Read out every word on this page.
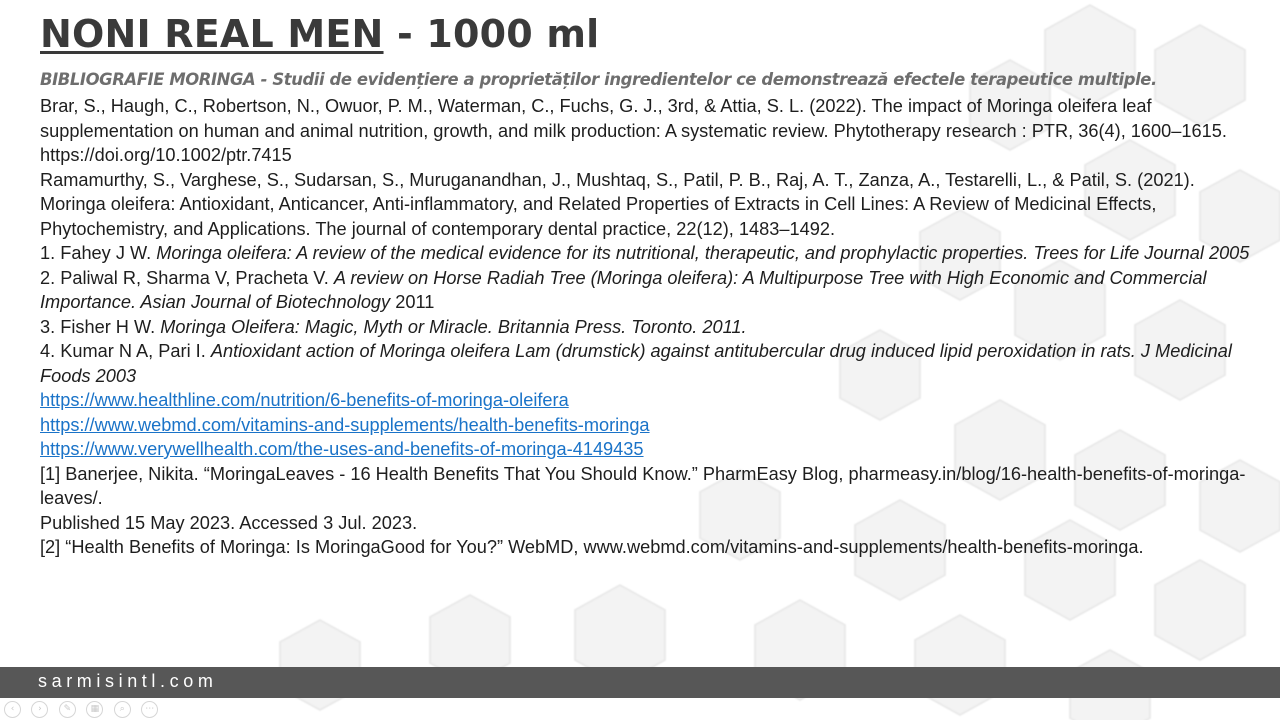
NONI REAL MEN - 1000 ml
BIBLIOGRAFIE MORINGA - Studii de evidențiere a proprietăților ingredientelor ce demonstrează efectele terapeutice multiple.

Brar, S., Haugh, C., Robertson, N., Owuor, P. M., Waterman, C., Fuchs, G. J., 3rd, & Attia, S. L. (2022). The impact of Moringa oleifera leaf supplementation on human and animal nutrition, growth, and milk production: A systematic review. Phytotherapy research : PTR, 36(4), 1600–1615. https://doi.org/10.1002/ptr.7415

Ramamurthy, S., Varghese, S., Sudarsan, S., Muruganandhan, J., Mushtaq, S., Patil, P. B., Raj, A. T., Zanza, A., Testarelli, L., & Patil, S. (2021). Moringa oleifera: Antioxidant, Anticancer, Anti-inflammatory, and Related Properties of Extracts in Cell Lines: A Review of Medicinal Effects, Phytochemistry, and Applications. The journal of contemporary dental practice, 22(12), 1483–1492.

1. Fahey J W. Moringa oleifera: A review of the medical evidence for its nutritional, therapeutic, and prophylactic properties. Trees for Life Journal 2005

2. Paliwal R, Sharma V, Pracheta V. A review on Horse Radiah Tree (Moringa oleifera): A Multipurpose Tree with High Economic and Commercial Importance. Asian Journal of Biotechnology 2011

3. Fisher H W. Moringa Oleifera: Magic, Myth or Miracle. Britannia Press. Toronto. 2011.

4. Kumar N A, Pari I. Antioxidant action of Moringa oleifera Lam (drumstick) against antitubercular drug induced lipid peroxidation in rats. J Medicinal Foods 2003

https://www.healthline.com/nutrition/6-benefits-of-moringa-oleifera

https://www.webmd.com/vitamins-and-supplements/health-benefits-moringa

https://www.verywellhealth.com/the-uses-and-benefits-of-moringa-4149435

[1] Banerjee, Nikita. “MoringaLeaves - 16 Health Benefits That You Should Know.” PharmEasy Blog, pharmeasy.in/blog/16-health-benefits-of-moringa-leaves/.

Published 15 May 2023. Accessed 3 Jul. 2023.

[2] “Health Benefits of Moringa: Is MoringaGood for You?” WebMD, www.webmd.com/vitamins-and-supplements/health-benefits-moringa.

sarmisintl.com
‹	› ✎ ▦ ⌕ ⋯
